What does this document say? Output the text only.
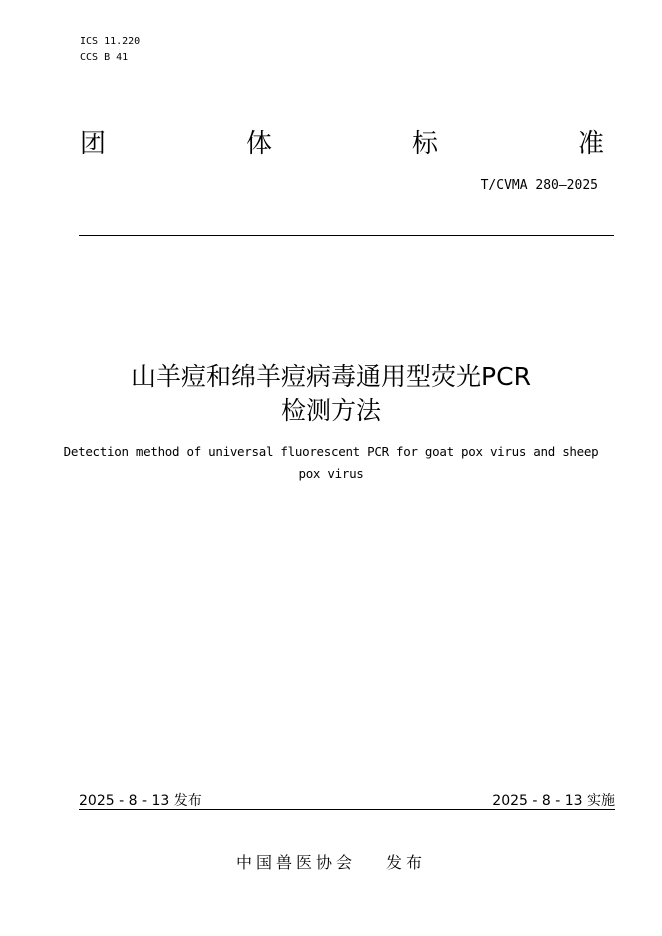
ICS 11.220
CCS B 41
团	体	标	准
T/CVMA 280—2025
山羊痘和绵羊痘病毒通用型荧光PCR
检测方法
Detection method of universal fluorescent PCR for goat pox virus and sheep
pox virus
2025 - 8 - 13 发布	2025 - 8 - 13 实施
中国兽医协会 发布
